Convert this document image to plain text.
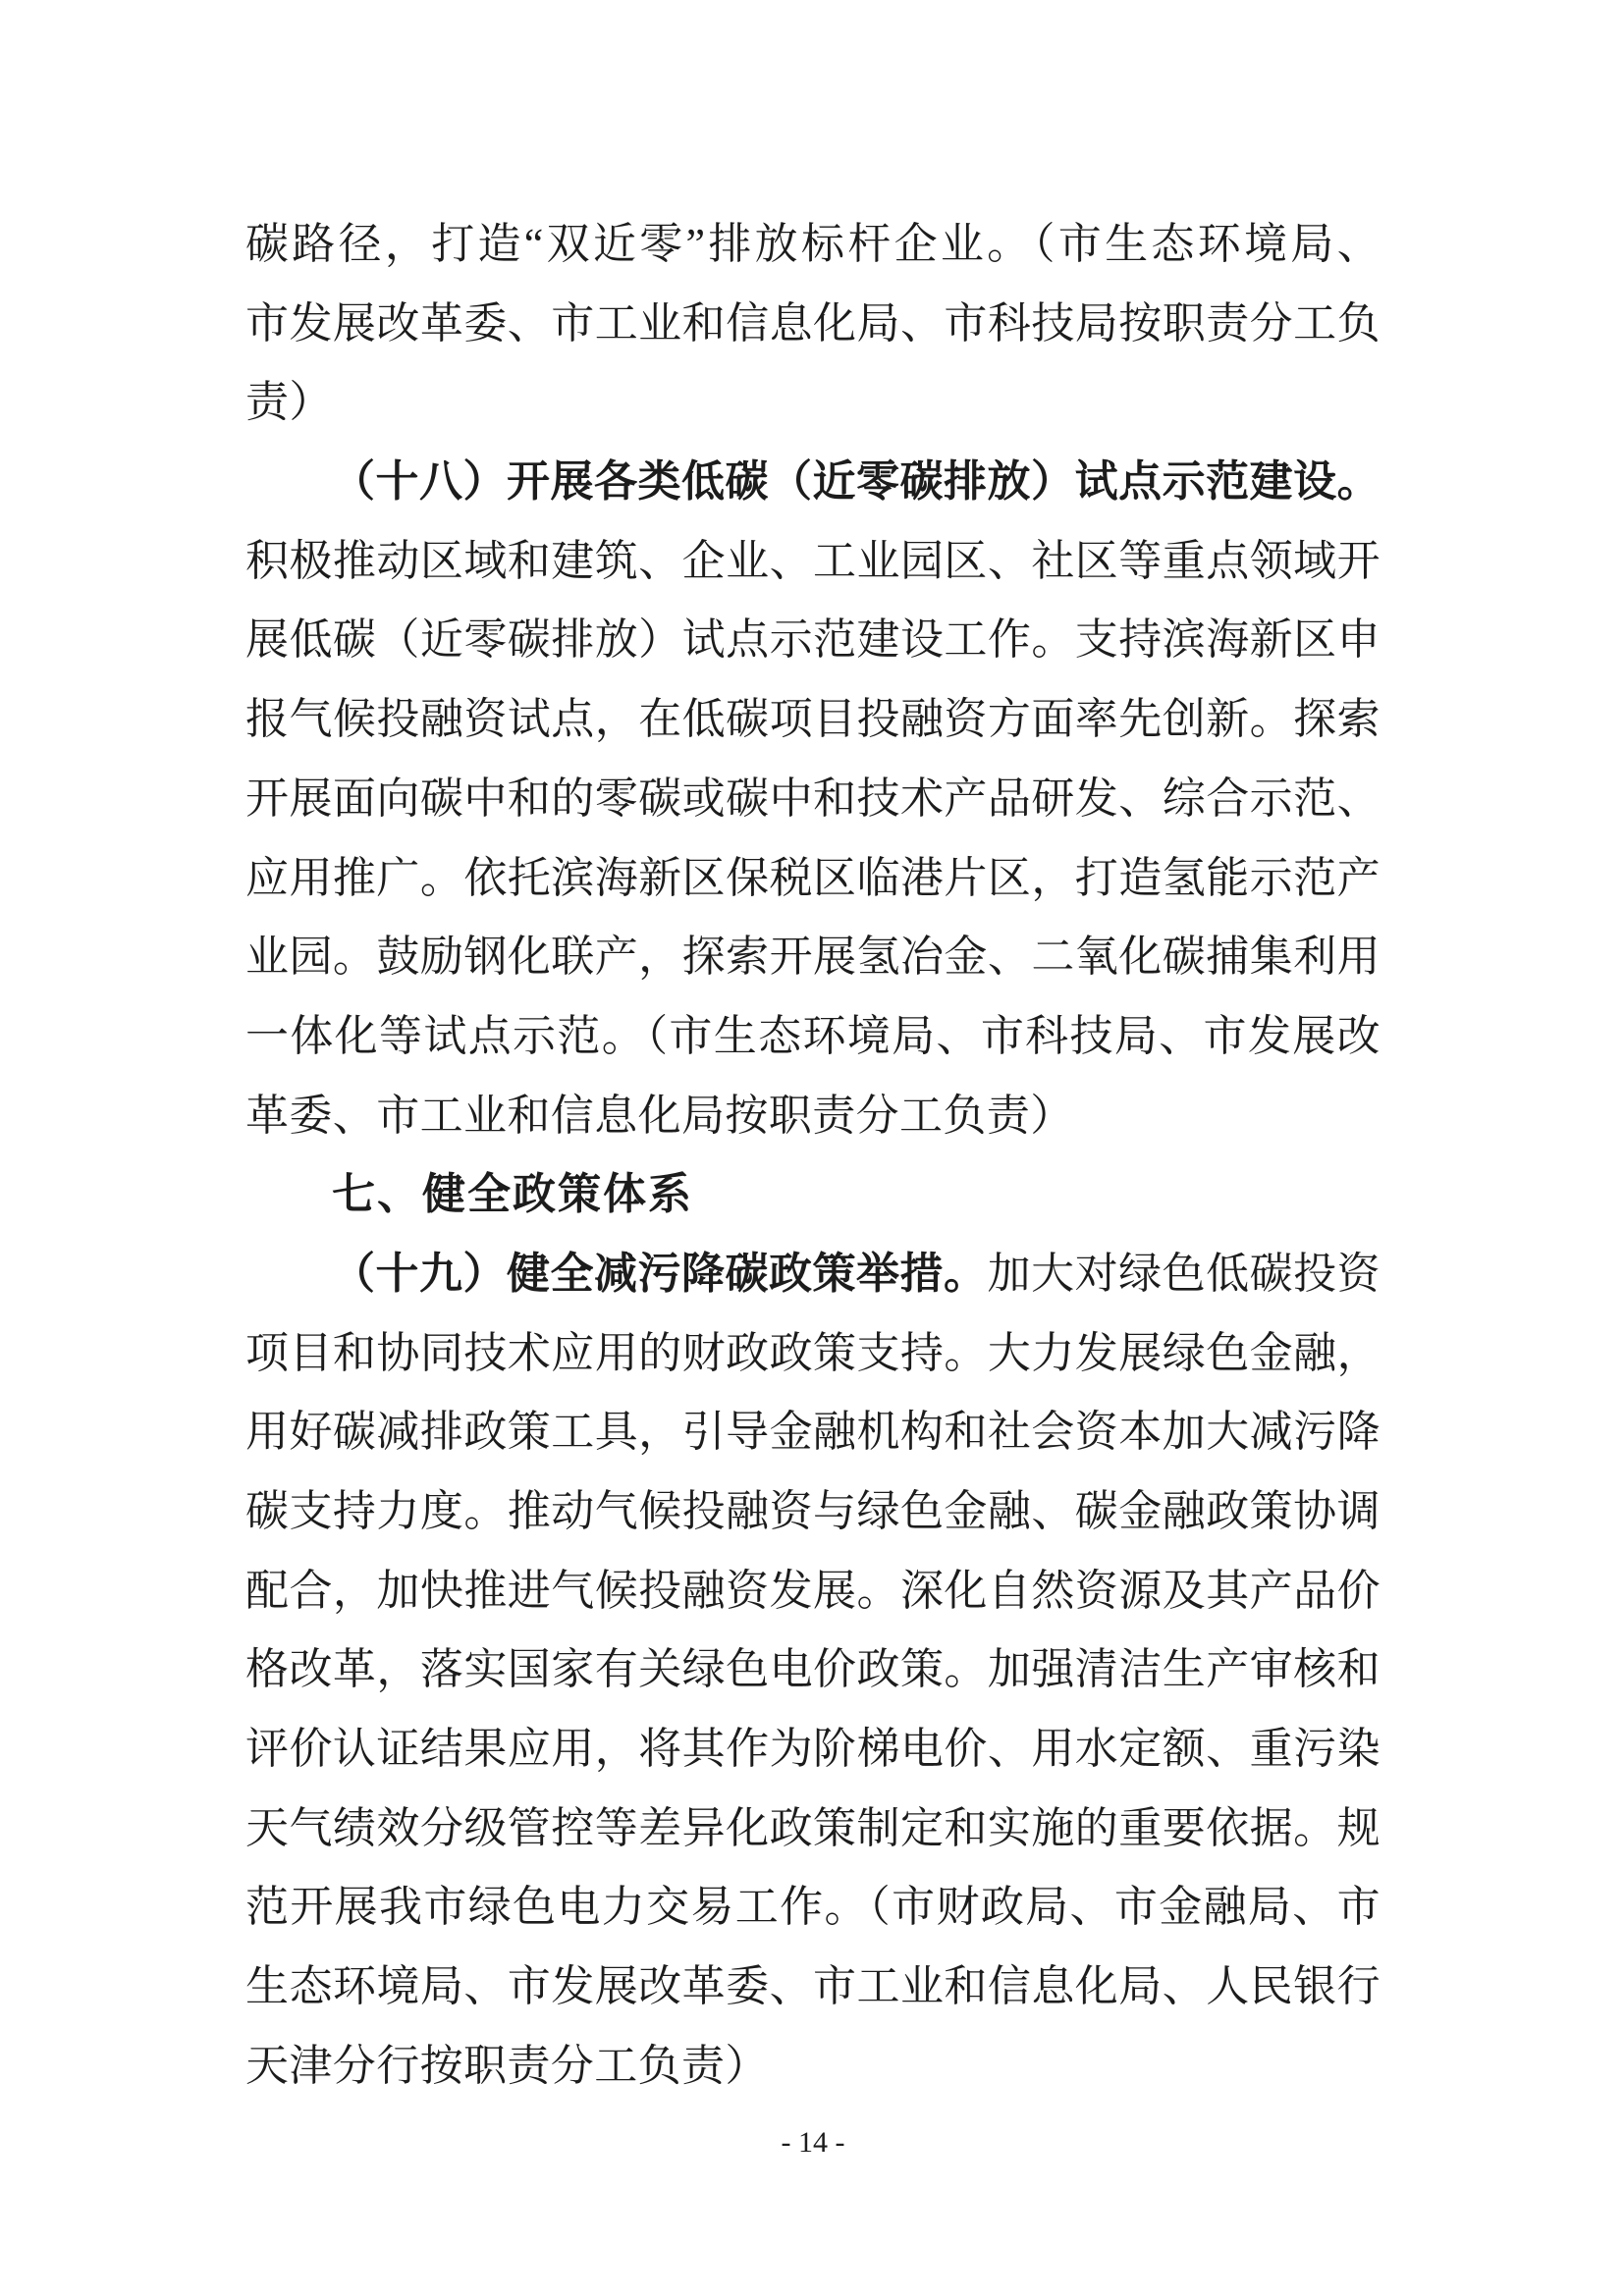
碳路径，打造“双近零”排放标杆企业。（市生态环境局、
市发展改革委、市工业和信息化局、市科技局按职责分工负
责）
（十八）开展各类低碳（近零碳排放）试点示范建设。
积极推动区域和建筑、企业、工业园区、社区等重点领域开
展低碳（近零碳排放）试点示范建设工作。支持滨海新区申
报气候投融资试点，在低碳项目投融资方面率先创新。探索
开展面向碳中和的零碳或碳中和技术产品研发、综合示范、
应用推广。依托滨海新区保税区临港片区，打造氢能示范产
业园。鼓励钢化联产，探索开展氢冶金、二氧化碳捕集利用
一体化等试点示范。（市生态环境局、市科技局、市发展改
革委、市工业和信息化局按职责分工负责）
七、健全政策体系
（十九）健全减污降碳政策举措。加大对绿色低碳投资
项目和协同技术应用的财政政策支持。大力发展绿色金融，
用好碳减排政策工具，引导金融机构和社会资本加大减污降
碳支持力度。推动气候投融资与绿色金融、碳金融政策协调
配合，加快推进气候投融资发展。深化自然资源及其产品价
格改革，落实国家有关绿色电价政策。加强清洁生产审核和
评价认证结果应用，将其作为阶梯电价、用水定额、重污染
天气绩效分级管控等差异化政策制定和实施的重要依据。规
范开展我市绿色电力交易工作。（市财政局、市金融局、市
生态环境局、市发展改革委、市工业和信息化局、人民银行
天津分行按职责分工负责）
- 14 -
